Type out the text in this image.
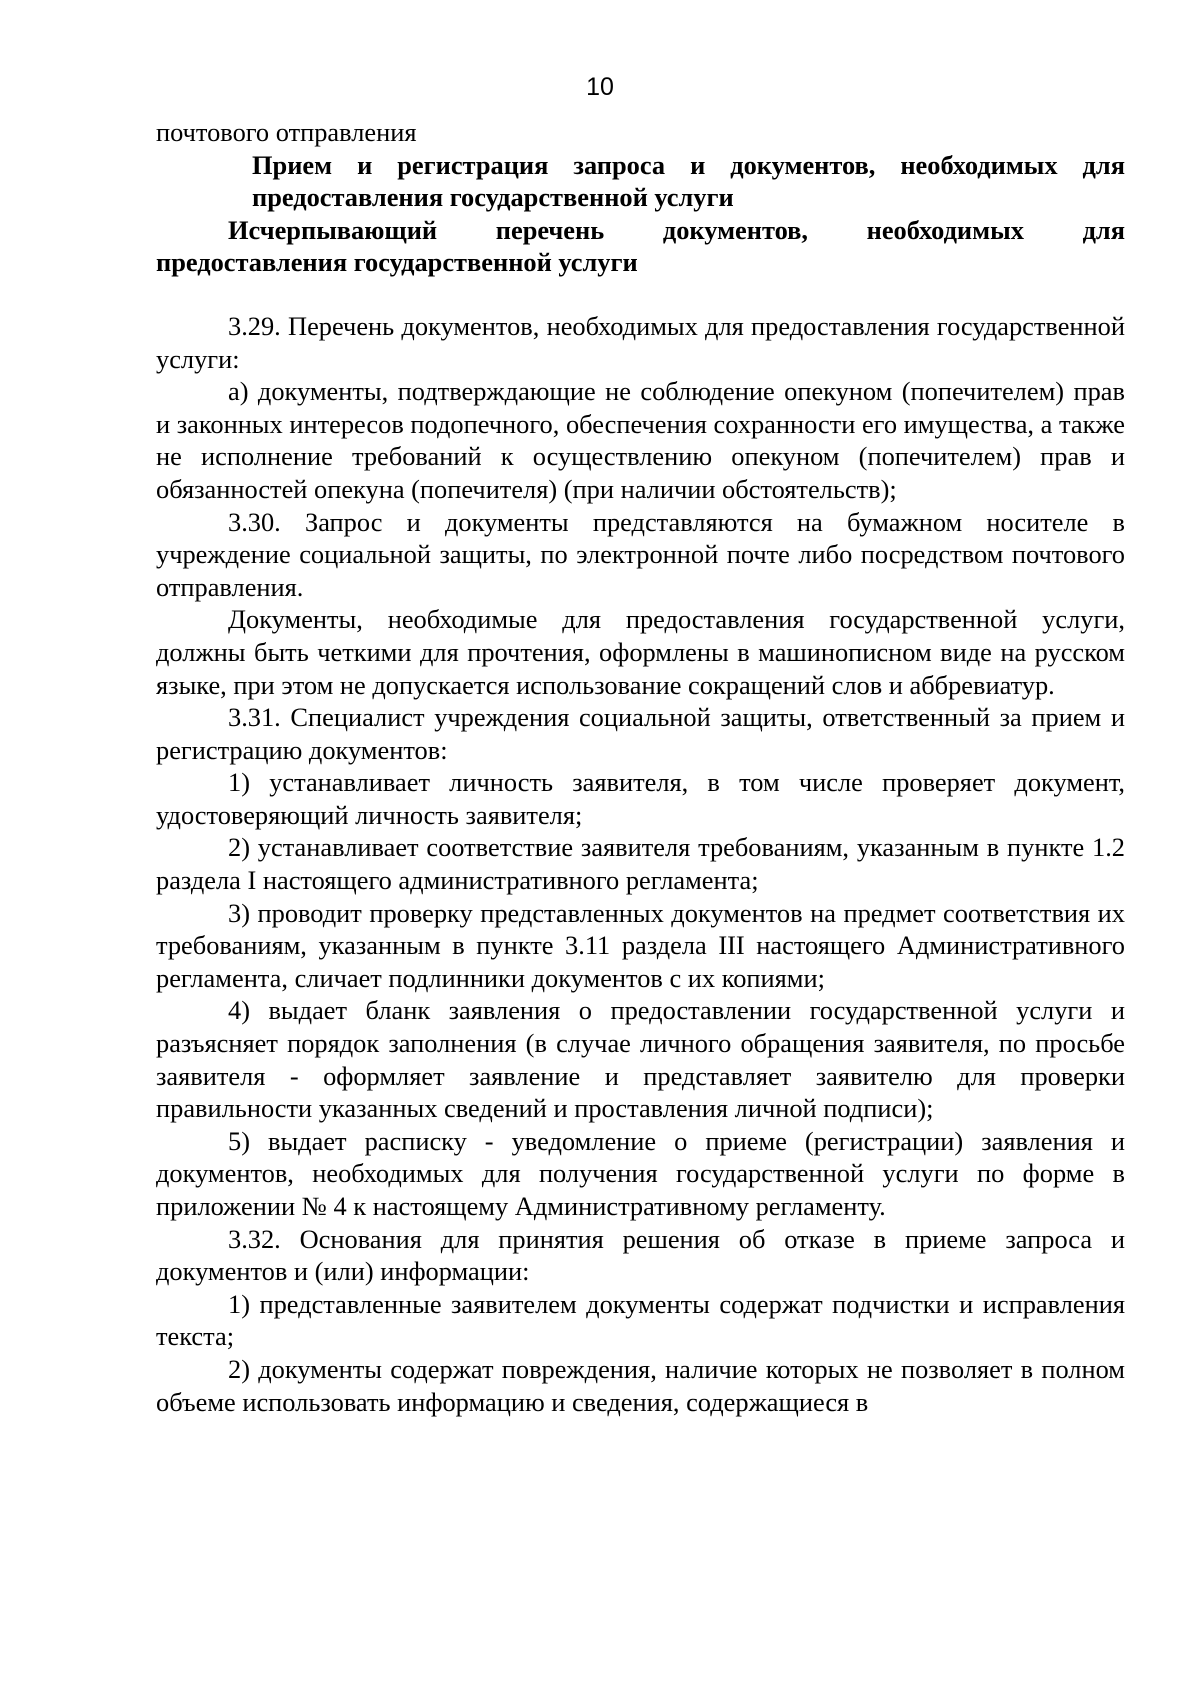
10

почтового отправления

Прием и регистрация запроса и документов, необходимых для предоставления государственной услуги

Исчерпывающий перечень документов, необходимых для
предоставления государственной услуги

3.29. Перечень документов, необходимых для предоставления государственной услуги:

а) документы, подтверждающие не соблюдение опекуном (попечителем) прав и законных интересов подопечного, обеспечения сохранности его имущества, а также не исполнение требований к осуществлению опекуном (попечителем) прав и обязанностей опекуна (попечителя) (при наличии обстоятельств);

3.30. Запрос и документы представляются на бумажном носителе в учреждение социальной защиты, по электронной почте либо посредством почтового отправления.

Документы, необходимые для предоставления государственной услуги, должны быть четкими для прочтения, оформлены в машинописном виде на русском языке, при этом не допускается использование сокращений слов и аббревиатур.

3.31. Специалист учреждения социальной защиты, ответственный за прием и регистрацию документов:

1) устанавливает личность заявителя, в том числе проверяет документ, удостоверяющий личность заявителя;

2) устанавливает соответствие заявителя требованиям, указанным в пункте 1.2 раздела I настоящего административного регламента;

3) проводит проверку представленных документов на предмет соответствия их требованиям, указанным в пункте 3.11 раздела III настоящего Административного регламента, сличает подлинники документов с их копиями;

4) выдает бланк заявления о предоставлении государственной услуги и разъясняет порядок заполнения (в случае личного обращения заявителя, по просьбе заявителя - оформляет заявление и представляет заявителю для проверки правильности указанных сведений и проставления личной подписи);

5) выдает расписку - уведомление о приеме (регистрации) заявления и документов, необходимых для получения государственной услуги по форме в приложении № 4 к настоящему Административному регламенту.

3.32. Основания для принятия решения об отказе в приеме запроса и документов и (или) информации:

1) представленные заявителем документы содержат подчистки и исправления текста;

2) документы содержат повреждения, наличие которых не позволяет в полном объеме использовать информацию и сведения, содержащиеся в
